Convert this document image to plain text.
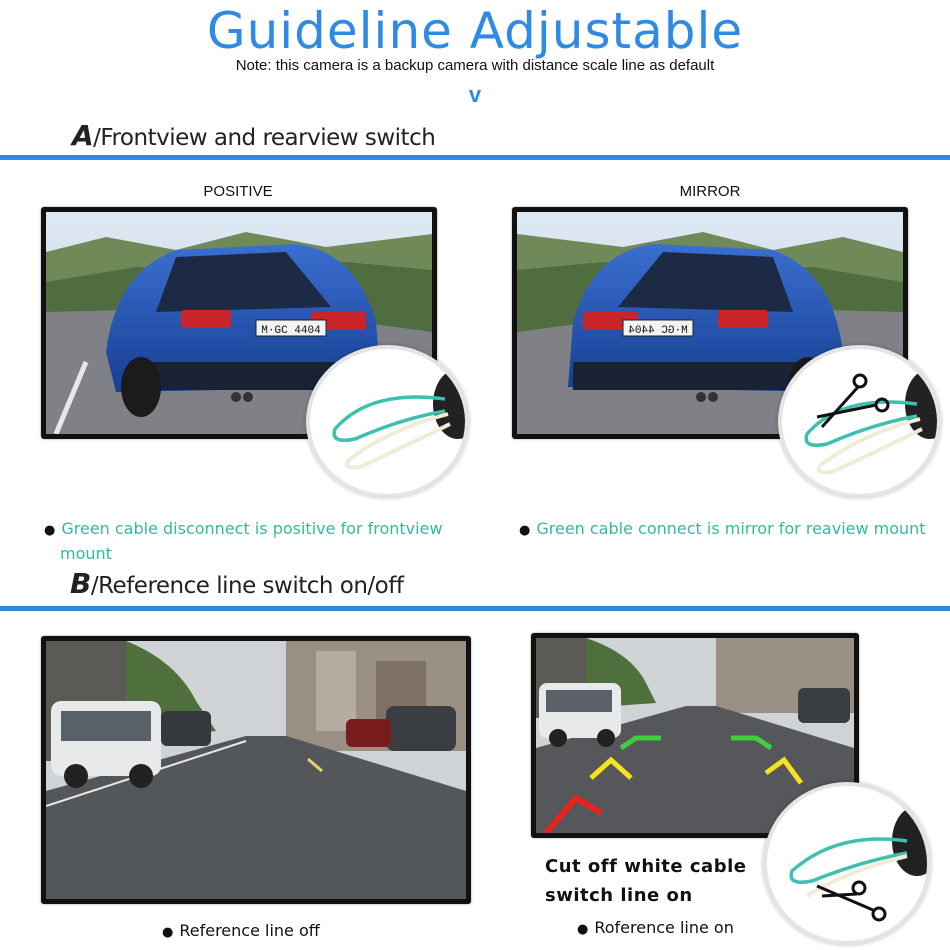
Guideline Adjustable
Note: this camera is a backup camera with distance scale line as default
v
A/Frontview and rearview switch
POSITIVE	MIRROR
M·GC 4404	M·GC 4404
● Green cable disconnect is positive for frontview
mount
● Green cable connect is mirror for reaview mount
B/Reference line switch on/off
Cut off white cable
switch line on
● Reference line off	● Roference line on
